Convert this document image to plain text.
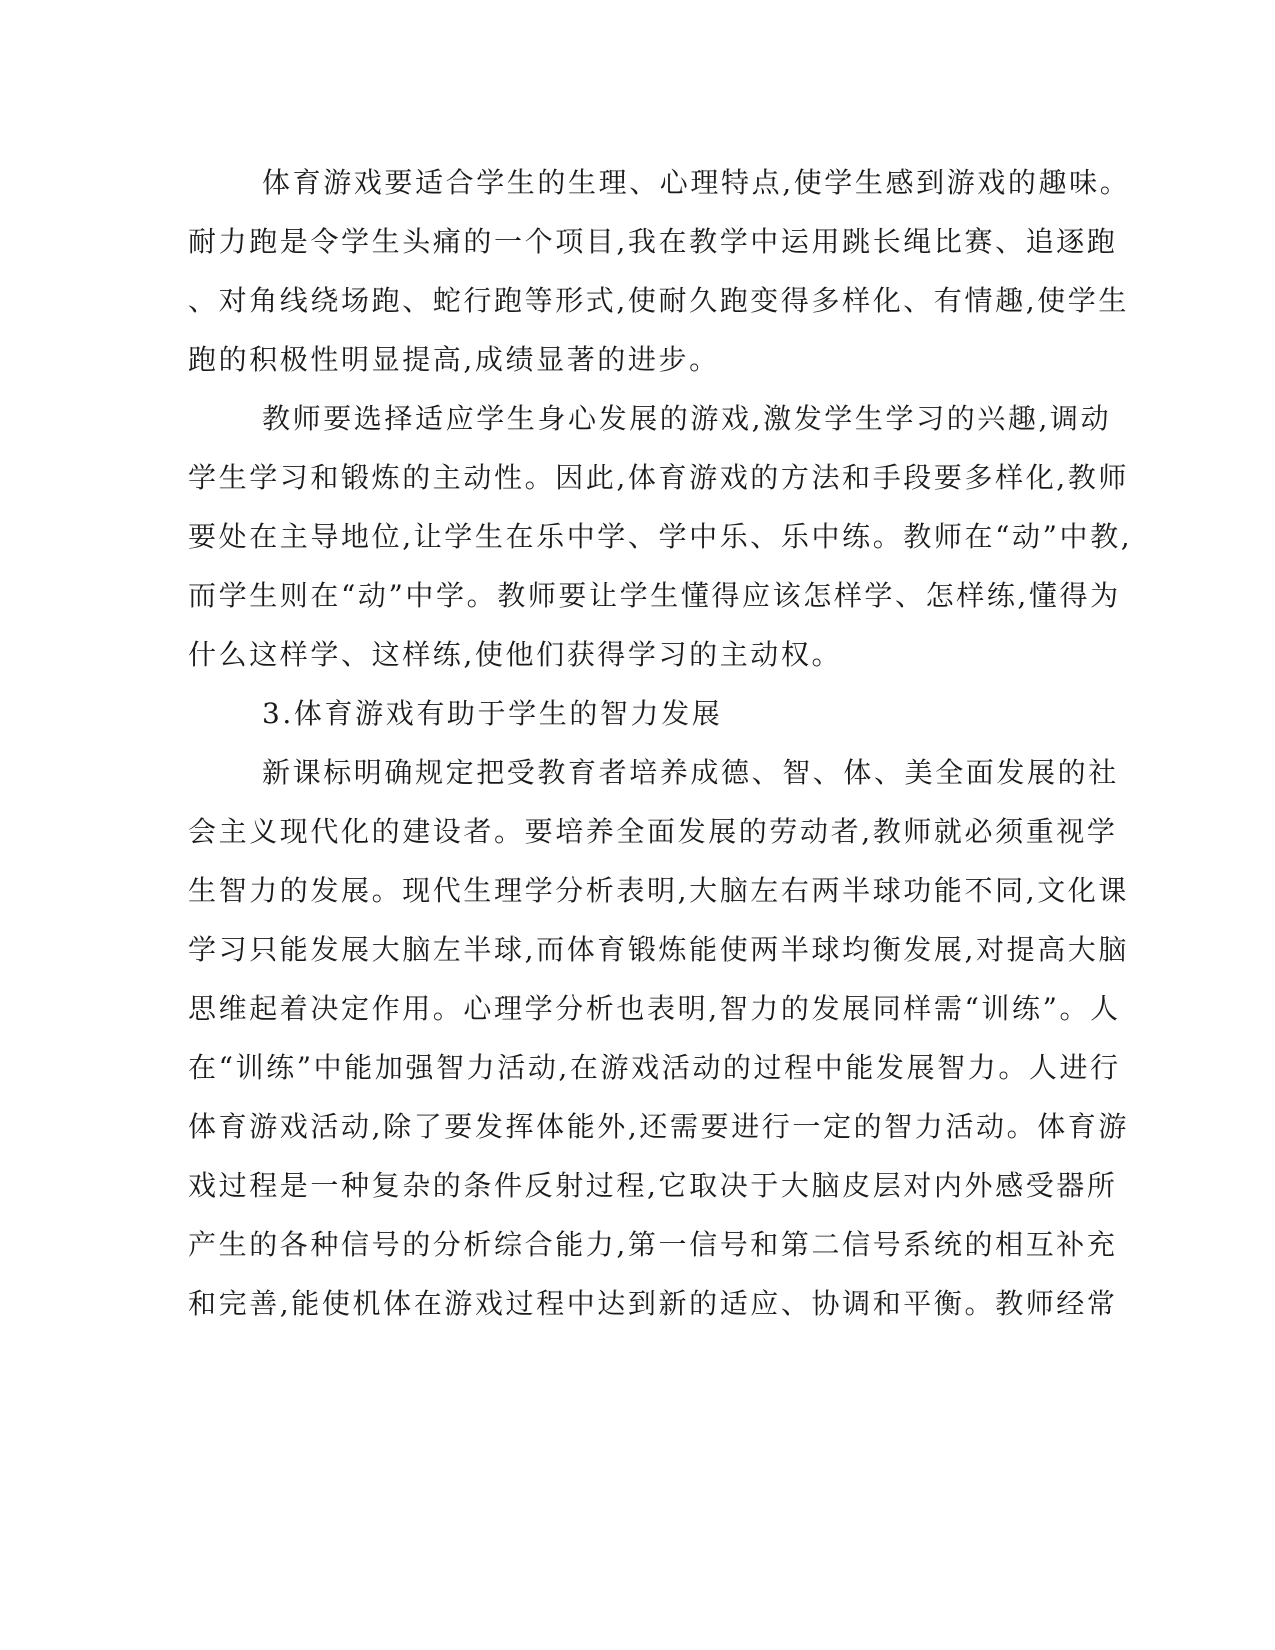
体育游戏要适合学生的生理、心理特点,使学生感到游戏的趣味。
耐力跑是令学生头痛的一个项目,我在教学中运用跳长绳比赛、追逐跑
、对角线绕场跑、蛇行跑等形式,使耐久跑变得多样化、有情趣,使学生
跑的积极性明显提高,成绩显著的进步。
教师要选择适应学生身心发展的游戏,激发学生学习的兴趣,调动
学生学习和锻炼的主动性。因此,体育游戏的方法和手段要多样化,教师
要处在主导地位,让学生在乐中学、学中乐、乐中练。教师在“动”中教,
而学生则在“动”中学。教师要让学生懂得应该怎样学、怎样练,懂得为
什么这样学、这样练,使他们获得学习的主动权。
3.体育游戏有助于学生的智力发展
新课标明确规定把受教育者培养成德、智、体、美全面发展的社
会主义现代化的建设者。要培养全面发展的劳动者,教师就必须重视学
生智力的发展。现代生理学分析表明,大脑左右两半球功能不同,文化课
学习只能发展大脑左半球,而体育锻炼能使两半球均衡发展,对提高大脑
思维起着决定作用。心理学分析也表明,智力的发展同样需“训练”。人
在“训练”中能加强智力活动,在游戏活动的过程中能发展智力。人进行
体育游戏活动,除了要发挥体能外,还需要进行一定的智力活动。体育游
戏过程是一种复杂的条件反射过程,它取决于大脑皮层对内外感受器所
产生的各种信号的分析综合能力,第一信号和第二信号系统的相互补充
和完善,能使机体在游戏过程中达到新的适应、协调和平衡。教师经常
